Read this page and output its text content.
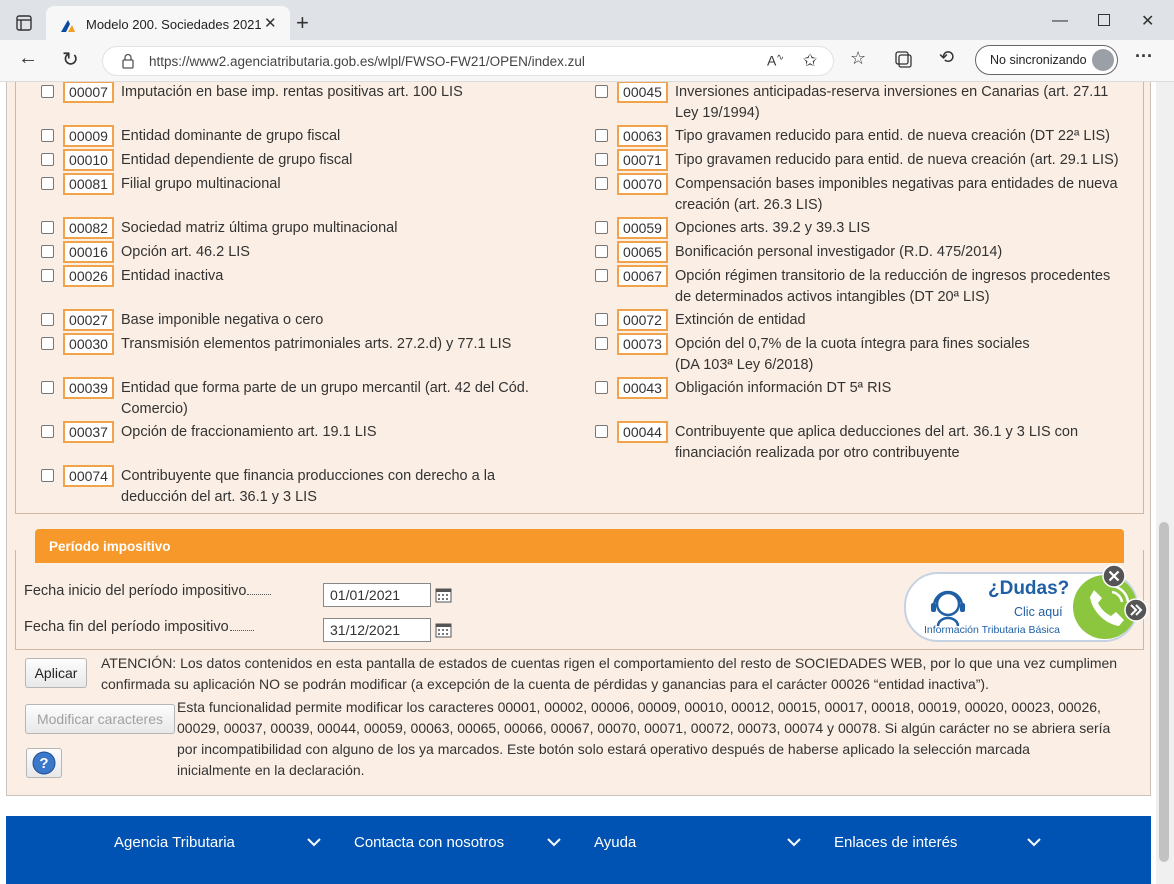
Modelo 200. Sociedades 2021 ✕ +	—	✕
← ↻	☆	⟲	···
https://www2.agenciatributaria.gob.es/wlpl/FWSO-FW21/OPEN/index.zul	A∿ ✩	No sincronizando
00007 Imputación en base imp. rentas positivas art. 100 LIS
00009 Entidad dominante de grupo fiscal
00010 Entidad dependiente de grupo fiscal
00081 Filial grupo multinacional
00082 Sociedad matriz última grupo multinacional
00016 Opción art. 46.2 LIS
00026 Entidad inactiva
00027 Base imponible negativa o cero
00030 Transmisión elementos patrimoniales arts. 27.2.d) y 77.1 LIS
00039 Entidad que forma parte de un grupo mercantil (art. 42 del Cód.
Comercio)
00037 Opción de fraccionamiento art. 19.1 LIS
00074 Contribuyente que financia producciones con derecho a la
deducción del art. 36.1 y 3 LIS
00045 Inversiones anticipadas-reserva inversiones en Canarias (art. 27.11
Ley 19/1994)
00063 Tipo gravamen reducido para entid. de nueva creación (DT 22ª LIS)
00071 Tipo gravamen reducido para entid. de nueva creación (art. 29.1 LIS)
00070 Compensación bases imponibles negativas para entidades de nueva
creación (art. 26.3 LIS)
00059 Opciones arts. 39.2 y 39.3 LIS
00065 Bonificación personal investigador (R.D. 475/2014)
00067 Opción régimen transitorio de la reducción de ingresos procedentes
de determinados activos intangibles (DT 20ª LIS)
00072 Extinción de entidad
00073 Opción del 0,7% de la cuota íntegra para fines sociales
(DA 103ª Ley 6/2018)
00043 Obligación información DT 5ª RIS
00044 Contribuyente que aplica deducciones del art. 36.1 y 3 LIS con
financiación realizada por otro contribuyente
Período impositivo
Fecha inicio del período impositivo	01/01/2021
Fecha fin del período impositivo	31/12/2021
Aplicar
ATENCIÓN: Los datos contenidos en esta pantalla de estados de cuentas rigen el comportamiento del resto de SOCIEDADES WEB, por lo que una vez cumplimen
confirmada su aplicación NO se podrán modificar (a excepción de la cuenta de pérdidas y ganancias para el carácter 00026 “entidad inactiva”).
Modificar caracteres
Esta funcionalidad permite modificar los caracteres 00001, 00002, 00006, 00009, 00010, 00012, 00015, 00017, 00018, 00019, 00020, 00023, 00026,
00029, 00037, 00039, 00044, 00059, 00063, 00065, 00066, 00067, 00070, 00071, 00072, 00073, 00074 y 00078. Si algún carácter no se abriera sería
por incompatibilidad con alguno de los ya marcados. Este botón solo estará operativo después de haberse aplicado la selección marcada
inicialmente en la declaración.
?
¿Dudas?
Clic aquí
Información Tributaria Básica
Agencia Tributaria	Contacta con nosotros	Ayuda	Enlaces de interés
